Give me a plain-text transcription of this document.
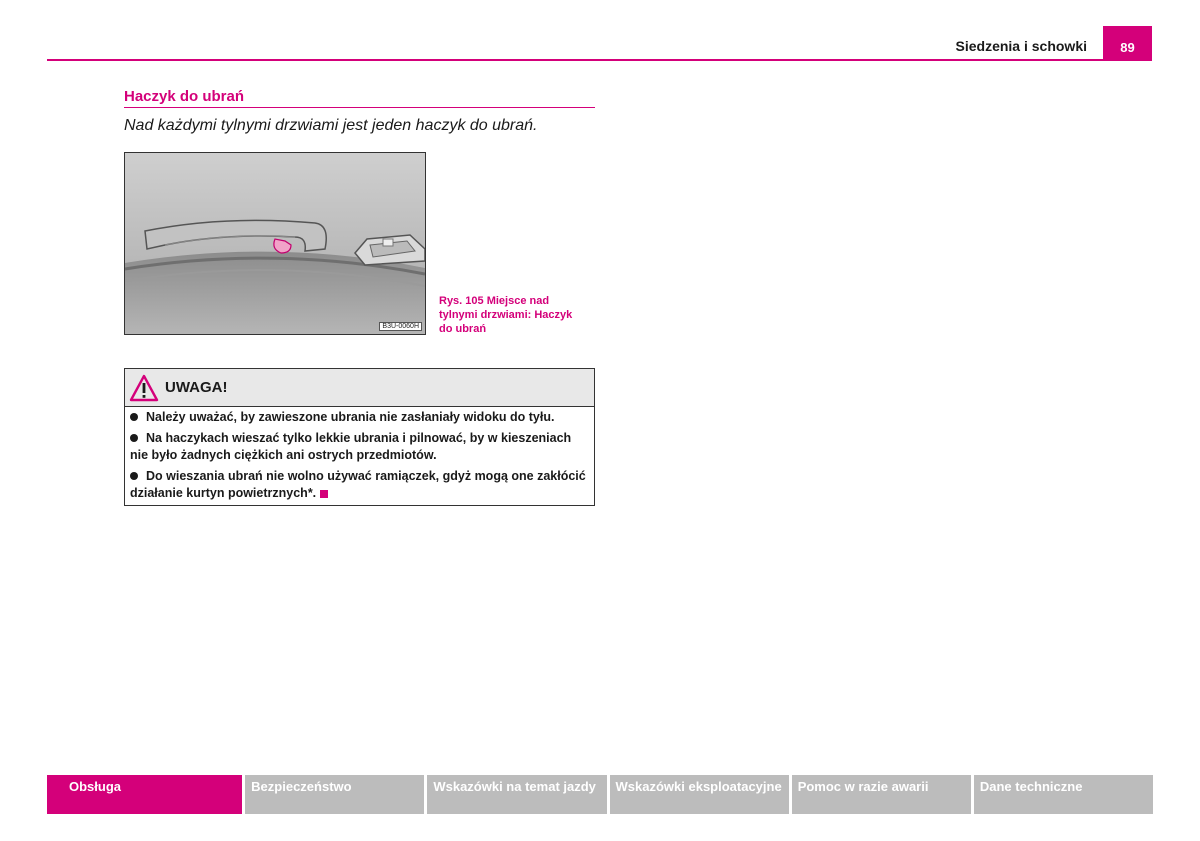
Siedzenia i schowki	89
Haczyk do ubrań
Nad każdymi tylnymi drzwiami jest jeden haczyk do ubrań.
B3U-0060H
Rys. 105 Miejsce nad tylnymi drzwiami: Haczyk do ubrań
UWAGA!

Należy uważać, by zawieszone ubrania nie zasłaniały widoku do tyłu.

Na haczykach wieszać tylko lekkie ubrania i pilnować, by w kieszeniach nie było żadnych ciężkich ani ostrych przedmiotów.

Do wieszania ubrań nie wolno używać ramiączek, gdyż mogą one zakłócić działanie kurtyn powietrznych*.

Obsługa	Bezpieczeństwo	Wskazówki na temat jazdy	Wskazówki eksploatacyjne	Pomoc w razie awarii	Dane techniczne
